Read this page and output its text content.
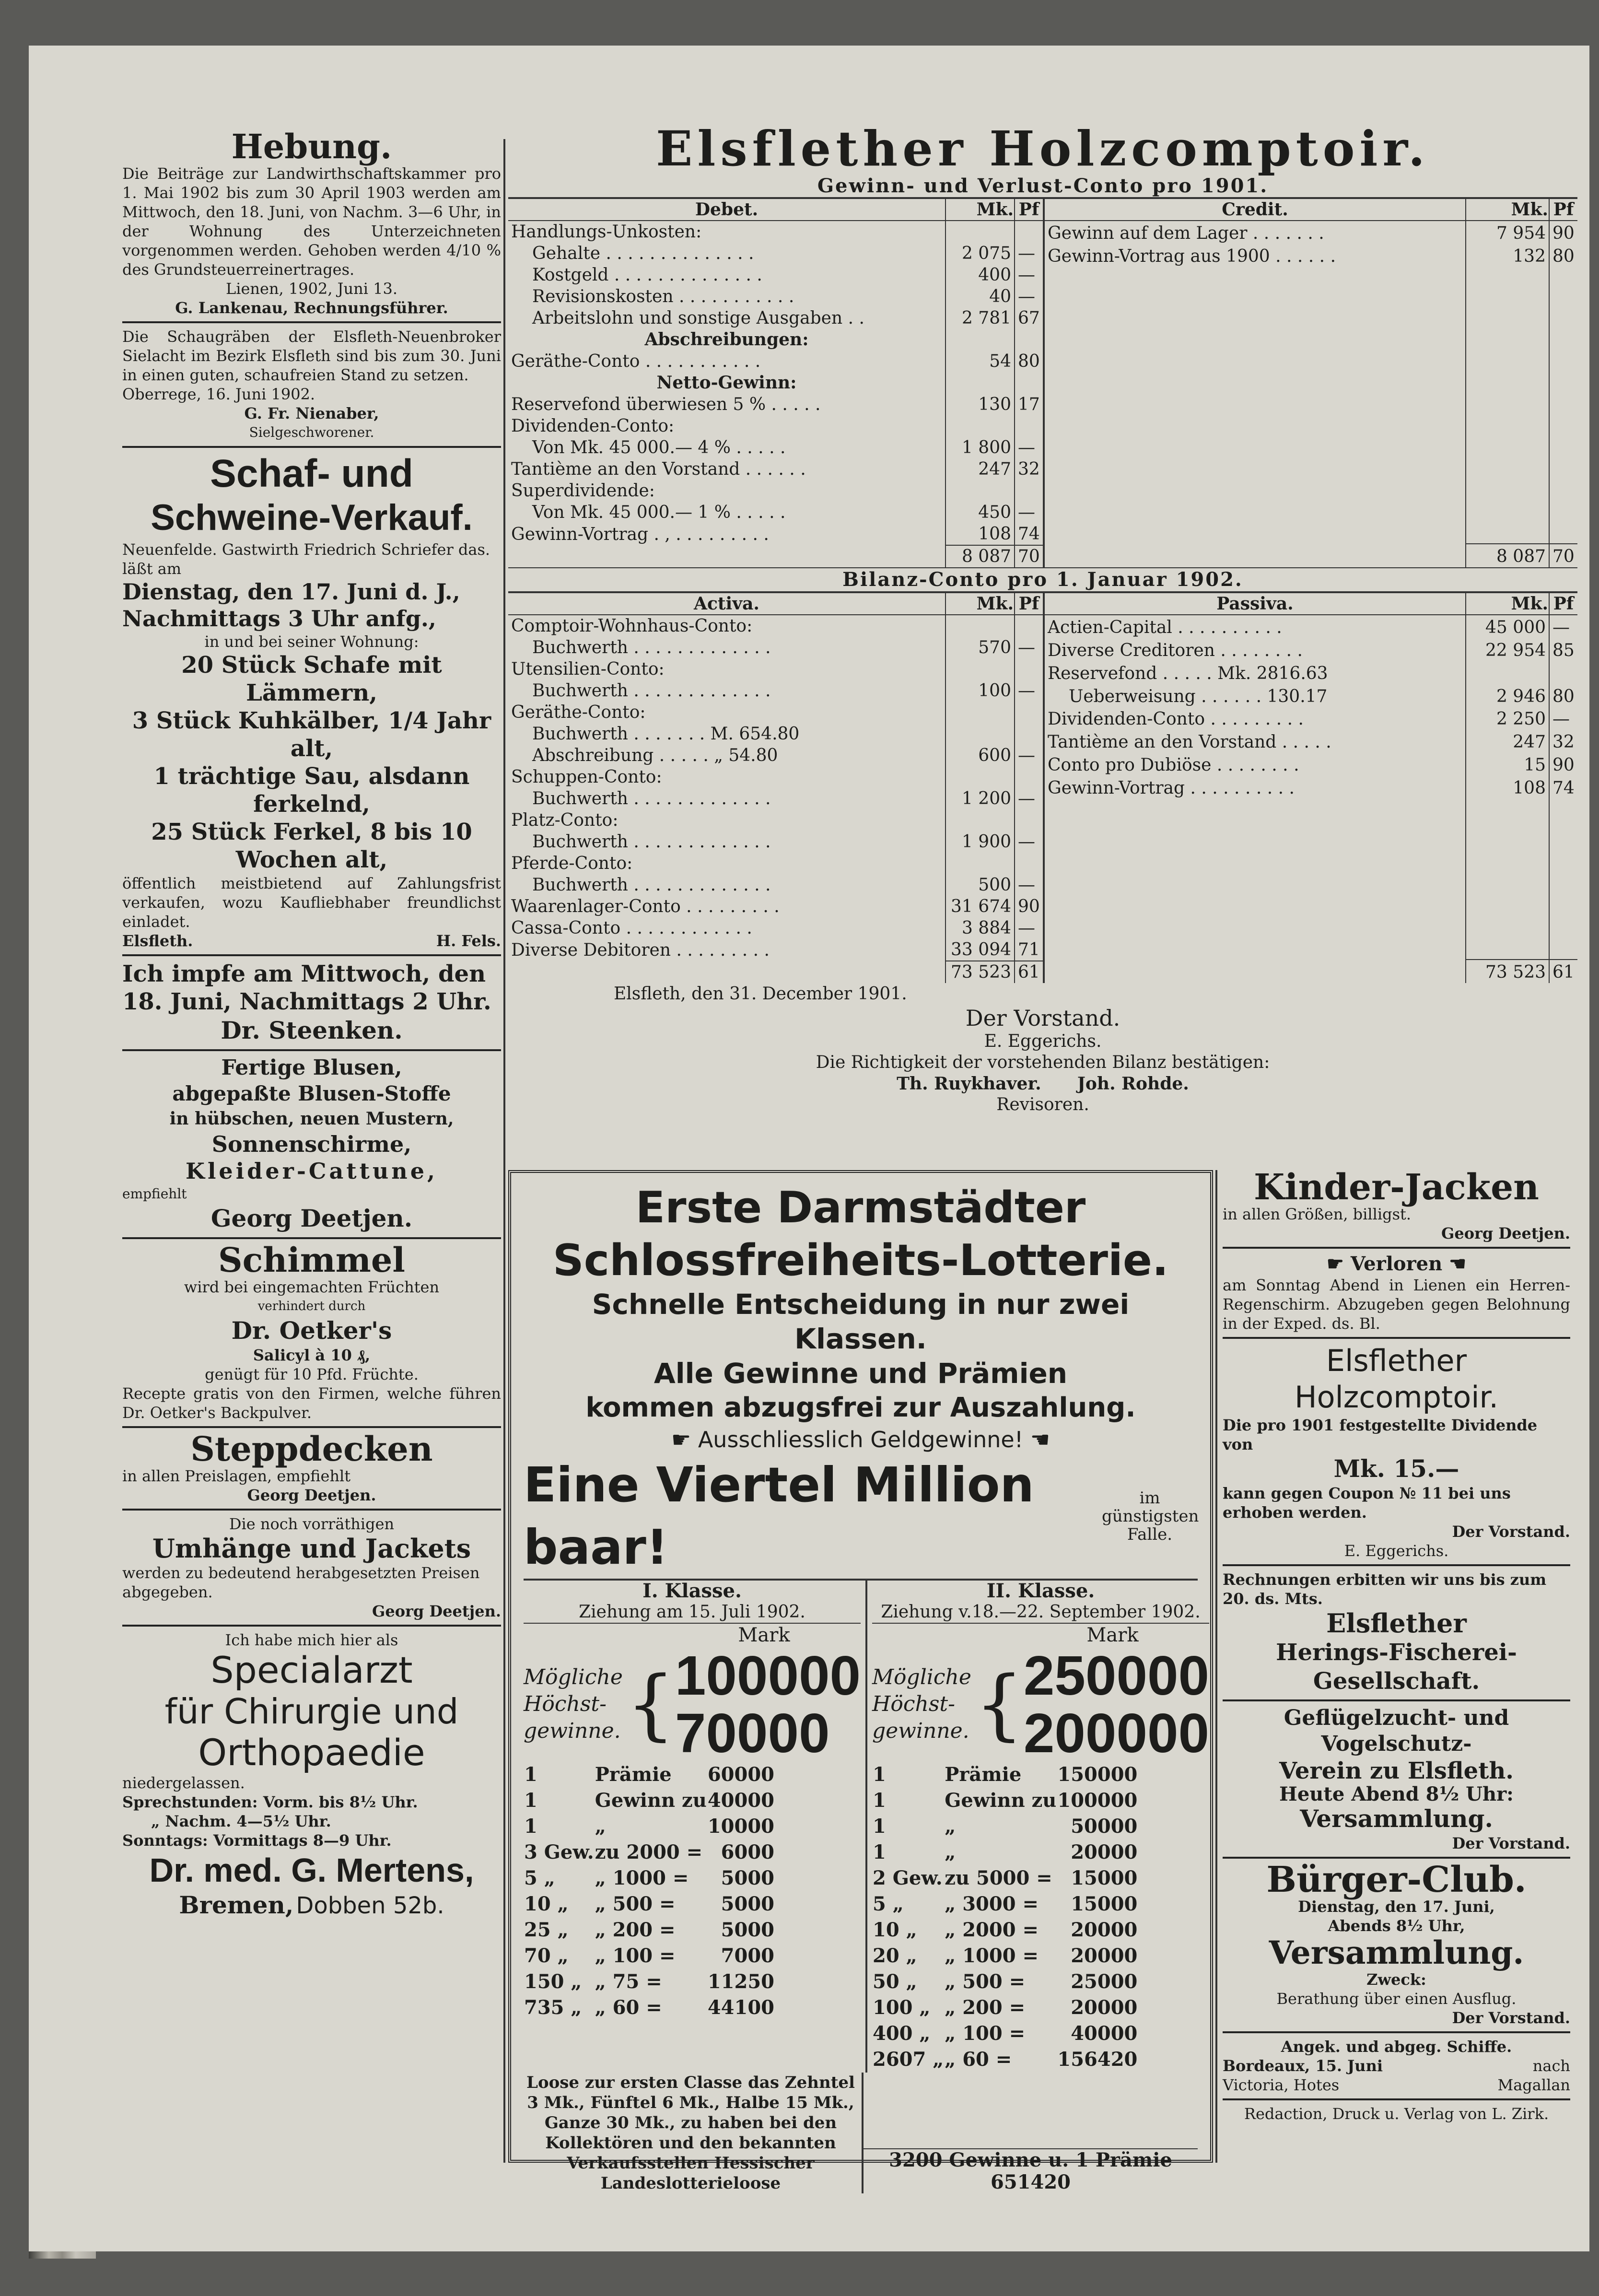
Hebung.

Die Beiträge zur Landwirthschaftskammer pro 1. Mai 1902 bis zum 30 April 1903 werden am Mittwoch, den 18. Juni, von Nachm. 3—6 Uhr, in der Wohnung des Unterzeichneten vorgenommen werden. Gehoben werden 4/10 % des Grundsteuerreinertrages.

Lienen, 1902, Juni 13.

G. Lankenau, Rechnungsführer.

Die Schaugräben der Elsfleth-Neuenbroker Sielacht im Bezirk Elsfleth sind bis zum 30. Juni in einen guten, schaufreien Stand zu setzen.

Oberrege, 16. Juni 1902.

G. Fr. Nienaber,

Sielgeschworener.

Schaf- und
Schweine-Verkauf.

Neuenfelde. Gastwirth Friedrich Schriefer das. läßt am

Dienstag, den 17. Juni d. J., Nachmittags 3 Uhr anfg.,

in und bei seiner Wohnung:

20 Stück Schafe mit Lämmern,

3 Stück Kuhkälber, 1/4 Jahr alt,

1 trächtige Sau, alsdann ferkelnd,

25 Stück Ferkel, 8 bis 10 Wochen alt,

öffentlich meistbietend auf Zahlungsfrist verkaufen, wozu Kaufliebhaber freundlichst einladet.

Elsfleth.	H. Fels.

Ich impfe am Mittwoch, den 18. Juni, Nachmittags 2 Uhr.

Dr. Steenken.

Fertige Blusen,

abgepaßte Blusen-Stoffe

in hübschen, neuen Mustern,

Sonnenschirme,

Kleider-Cattune,

empfiehlt

Georg Deetjen.
Schimmel

wird bei eingemachten Früchten

verhindert durch

Dr. Oetker's

Salicyl à 10 ₰,

genügt für 10 Pfd. Früchte.

Recepte gratis von den Firmen, welche führen Dr. Oetker's Backpulver.

Steppdecken

in allen Preislagen, empfiehlt

Georg Deetjen.

Die noch vorräthigen

Umhänge und Jackets

werden zu bedeutend herabgesetzten Preisen abgegeben.

Georg Deetjen.

Ich habe mich hier als

Specialarzt
für Chirurgie und
Orthopaedie

niedergelassen.

Sprechstunden: Vorm. bis 8½ Uhr.

„ Nachm. 4—5½ Uhr.

Sonntags: Vormittags 8—9 Uhr.

Dr. med. G. Mertens,
Bremen, Dobben 52b.
Elsflether Holzcomptoir.
Gewinn- und Verlust-Conto pro 1901.
Debet.	Mk.	Pf
Handlungs-Unkosten:		
Gehalte . . . . . . . . . . . . . .	2 075	—
Kostgeld . . . . . . . . . . . . . .	400	—
Revisionskosten . . . . . . . . . . .	40	—
Arbeitslohn und sonstige Ausgaben . .	2 781	67
Abschreibungen:		
Geräthe-Conto . . . . . . . . . . .	54	80
Netto-Gewinn:		
Reservefond überwiesen 5 % . . . . .	130	17
Dividenden-Conto:		
Von Mk. 45 000.— 4 % . . . . .	1 800	—
Tantième an den Vorstand . . . . . .	247	32
Superdividende:		
Von Mk. 45 000.— 1 % . . . . .	450	—
Gewinn-Vortrag . , . . . . . . . . .	108	74
	8 087	70
Credit.	Mk.	Pf
Gewinn auf dem Lager . . . . . . .	7 954	90
Gewinn-Vortrag aus 1900 . . . . . .	132	80

	8 087	70
Bilanz-Conto pro 1. Januar 1902.
Activa.	Mk.	Pf
Comptoir-Wohnhaus-Conto:		
Buchwerth . . . . . . . . . . . . .	570	—
Utensilien-Conto:		
Buchwerth . . . . . . . . . . . . .	100	—
Geräthe-Conto:		
Buchwerth . . . . . . . M. 654.80		
Abschreibung . . . . . „ 54.80	600	—
Schuppen-Conto:		
Buchwerth . . . . . . . . . . . . .	1 200	—
Platz-Conto:		
Buchwerth . . . . . . . . . . . . .	1 900	—
Pferde-Conto:		
Buchwerth . . . . . . . . . . . . .	500	—
Waarenlager-Conto . . . . . . . . .	31 674	90
Cassa-Conto . . . . . . . . . . . .	3 884	—
Diverse Debitoren . . . . . . . . .	33 094	71
	73 523	61
Passiva.	Mk.	Pf
Actien-Capital . . . . . . . . . .	45 000	—
Diverse Creditoren . . . . . . . .	22 954	85
Reservefond . . . . . Mk. 2816.63		
Ueberweisung . . . . . . 130.17	2 946	80
Dividenden-Conto . . . . . . . . .	2 250	—
Tantième an den Vorstand . . . . .	247	32
Conto pro Dubiöse . . . . . . . .	15	90
Gewinn-Vortrag . . . . . . . . . .	108	74

	73 523	61
Elsfleth, den 31. December 1901.
Der Vorstand.
E. Eggerichs.
Die Richtigkeit der vorstehenden Bilanz bestätigen:
Th. Ruykhaver. Joh. Rohde.
Revisoren.
Erste Darmstädter
Schlossfreiheits-Lotterie.
Schnelle Entscheidung in nur zwei Klassen.
Alle Gewinne und Prämien
kommen abzugsfrei zur Auszahlung.
☛ Ausschliesslich Geldgewinne! ☚
Eine Viertel Million baar!
im günstigsten Falle.
I. Klasse.
Ziehung am 15. Juli 1902.
Mark
Mögliche Höchst-gewinne. { 100000
70000
1	Prämie	60000
1	Gewinn zu	40000
1	„	10000
3 Gew.	zu 2000 =	6000
5 „	„ 1000 =	5000
10 „	„ 500 =	5000
25 „	„ 200 =	5000
70 „	„ 100 =	7000
150 „	„ 75 =	11250
735 „	„ 60 =	44100
II. Klasse.
Ziehung v.18.—22. September 1902.
Mark
Mögliche Höchst-gewinne. { 250000
200000
1	Prämie	150000
1	Gewinn zu	100000
1	„	50000
1	„	20000
2 Gew.	zu 5000 =	15000
5 „	„ 3000 =	15000
10 „	„ 2000 =	20000
20 „	„ 1000 =	20000
50 „	„ 500 =	25000
100 „	„ 200 =	20000
400 „	„ 100 =	40000
2607 „	„ 60 =	156420
Loose zur ersten Classe das Zehntel 3 Mk., Fünftel 6 Mk., Halbe 15 Mk., Ganze 30 Mk., zu haben bei den Kollektören und den bekannten Verkaufsstellen Hessischer Landeslotterieloose
3200 Gewinne u. 1 Prämie 651420
Kinder-Jacken

in allen Größen, billigst.

Georg Deetjen.

☛ Verloren ☚

am Sonntag Abend in Lienen ein Herren-Regenschirm. Abzugeben gegen Belohnung in der Exped. ds. Bl.

Elsflether Holzcomptoir.

Die pro 1901 festgestellte Dividende von

Mk. 15.—

kann gegen Coupon № 11 bei uns erhoben werden.

Der Vorstand.

E. Eggerichs.

Rechnungen erbitten wir uns bis zum 20. ds. Mts.

Elsflether
Herings-Fischerei-Gesellschaft.
Geflügelzucht- und Vogelschutz-
Verein zu Elsfleth.

Heute Abend 8½ Uhr:

Versammlung.

Der Vorstand.

Bürger-Club.

Dienstag, den 17. Juni,

Abends 8½ Uhr,

Versammlung.

Zweck:

Berathung über einen Ausflug.

Der Vorstand.

Angek. und abgeg. Schiffe.

Bordeaux, 15. Juni	nach
Victoria, Hotes	Magallan

Redaction, Druck u. Verlag von L. Zirk.
